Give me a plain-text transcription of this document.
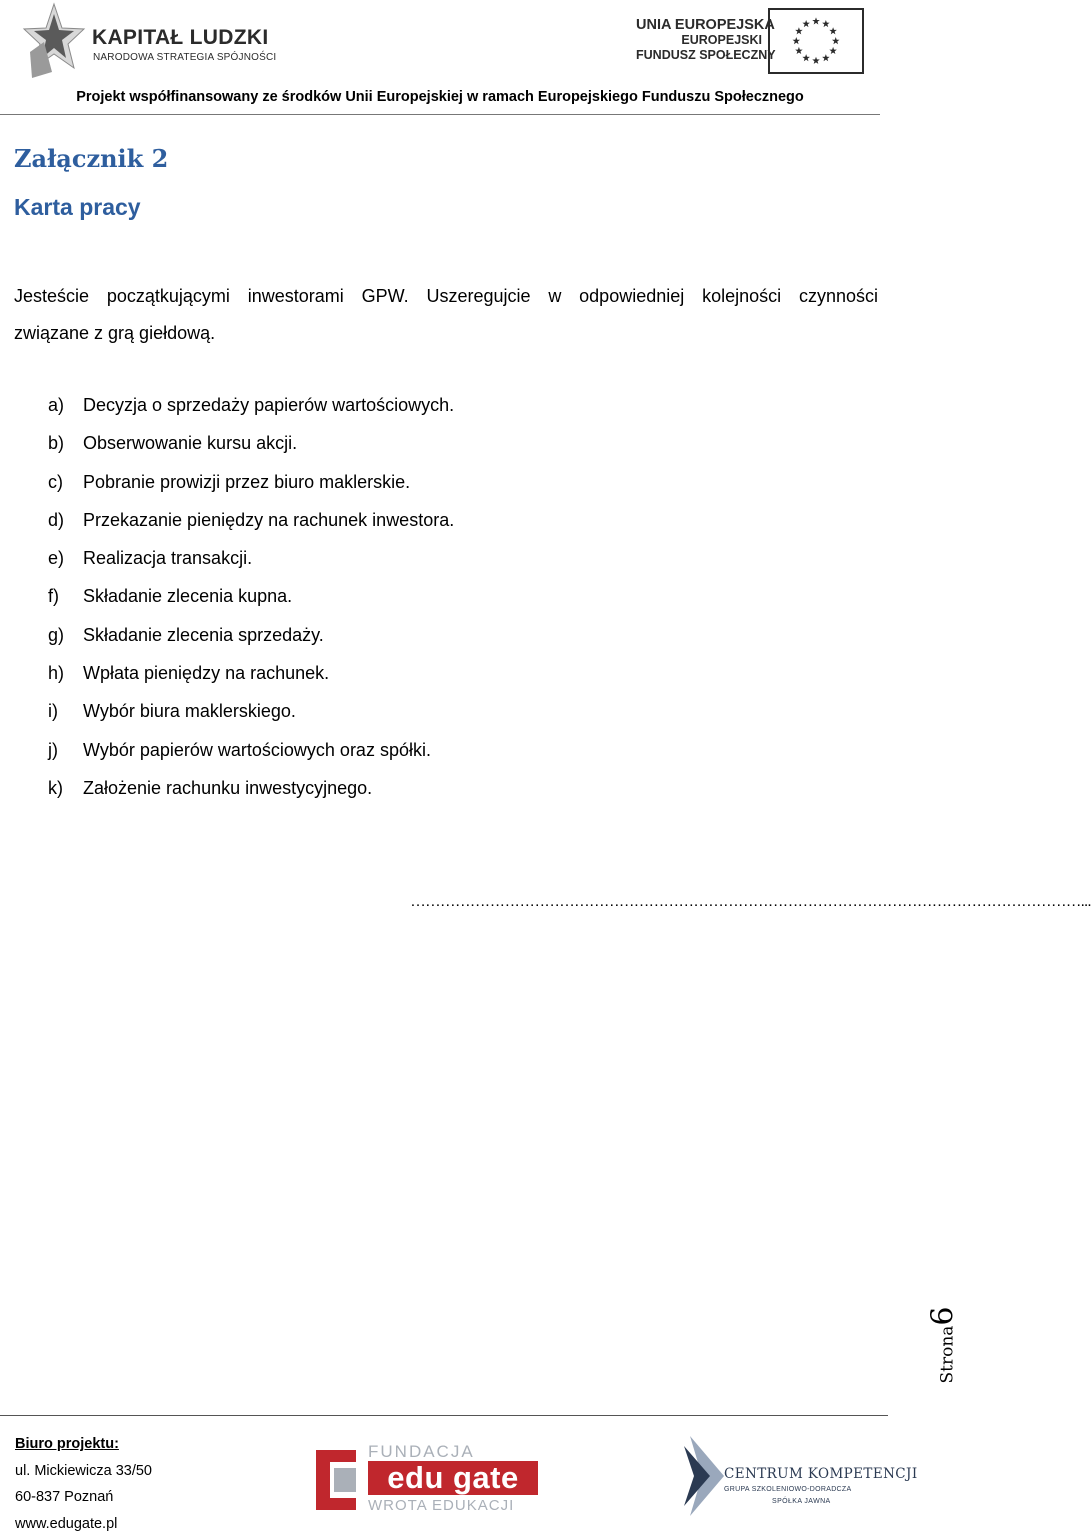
KAPITAŁ LUDZKI
NARODOWA STRATEGIA SPÓJNOŚCI
UNIA EUROPEJSKA
EUROPEJSKI
FUNDUSZ SPOŁECZNY
Projekt współfinansowany ze środków Unii Europejskiej w ramach Europejskiego Funduszu Społecznego
Załącznik 2
Karta pracy
Jesteście początkującymi inwestorami GPW. Uszeregujcie w odpowiedniej kolejności czynności
związane z grą giełdową.
a)	Decyzja o sprzedaży papierów wartościowych.
b)	Obserwowanie kursu akcji.
c)	Pobranie prowizji przez biuro maklerskie.
d)	Przekazanie pieniędzy na rachunek inwestora.
e)	Realizacja transakcji.
f)	Składanie zlecenia kupna.
g)	Składanie zlecenia sprzedaży.
h)	Wpłata pieniędzy na rachunek.
i)	Wybór biura maklerskiego.
j)	Wybór papierów wartościowych oraz spółki.
k)	Założenie rachunku inwestycyjnego.
………………………………………………………………………………………………………………………...
Strona6
Biuro projektu:
ul. Mickiewicza 33/50
60-837 Poznań
www.edugate.pl
FUNDACJA
edu gate
WROTA EDUKACJI
CENTRUM KOMPETENCJI
GRUPA SZKOLENIOWO-DORADCZA
SPÓŁKA JAWNA
